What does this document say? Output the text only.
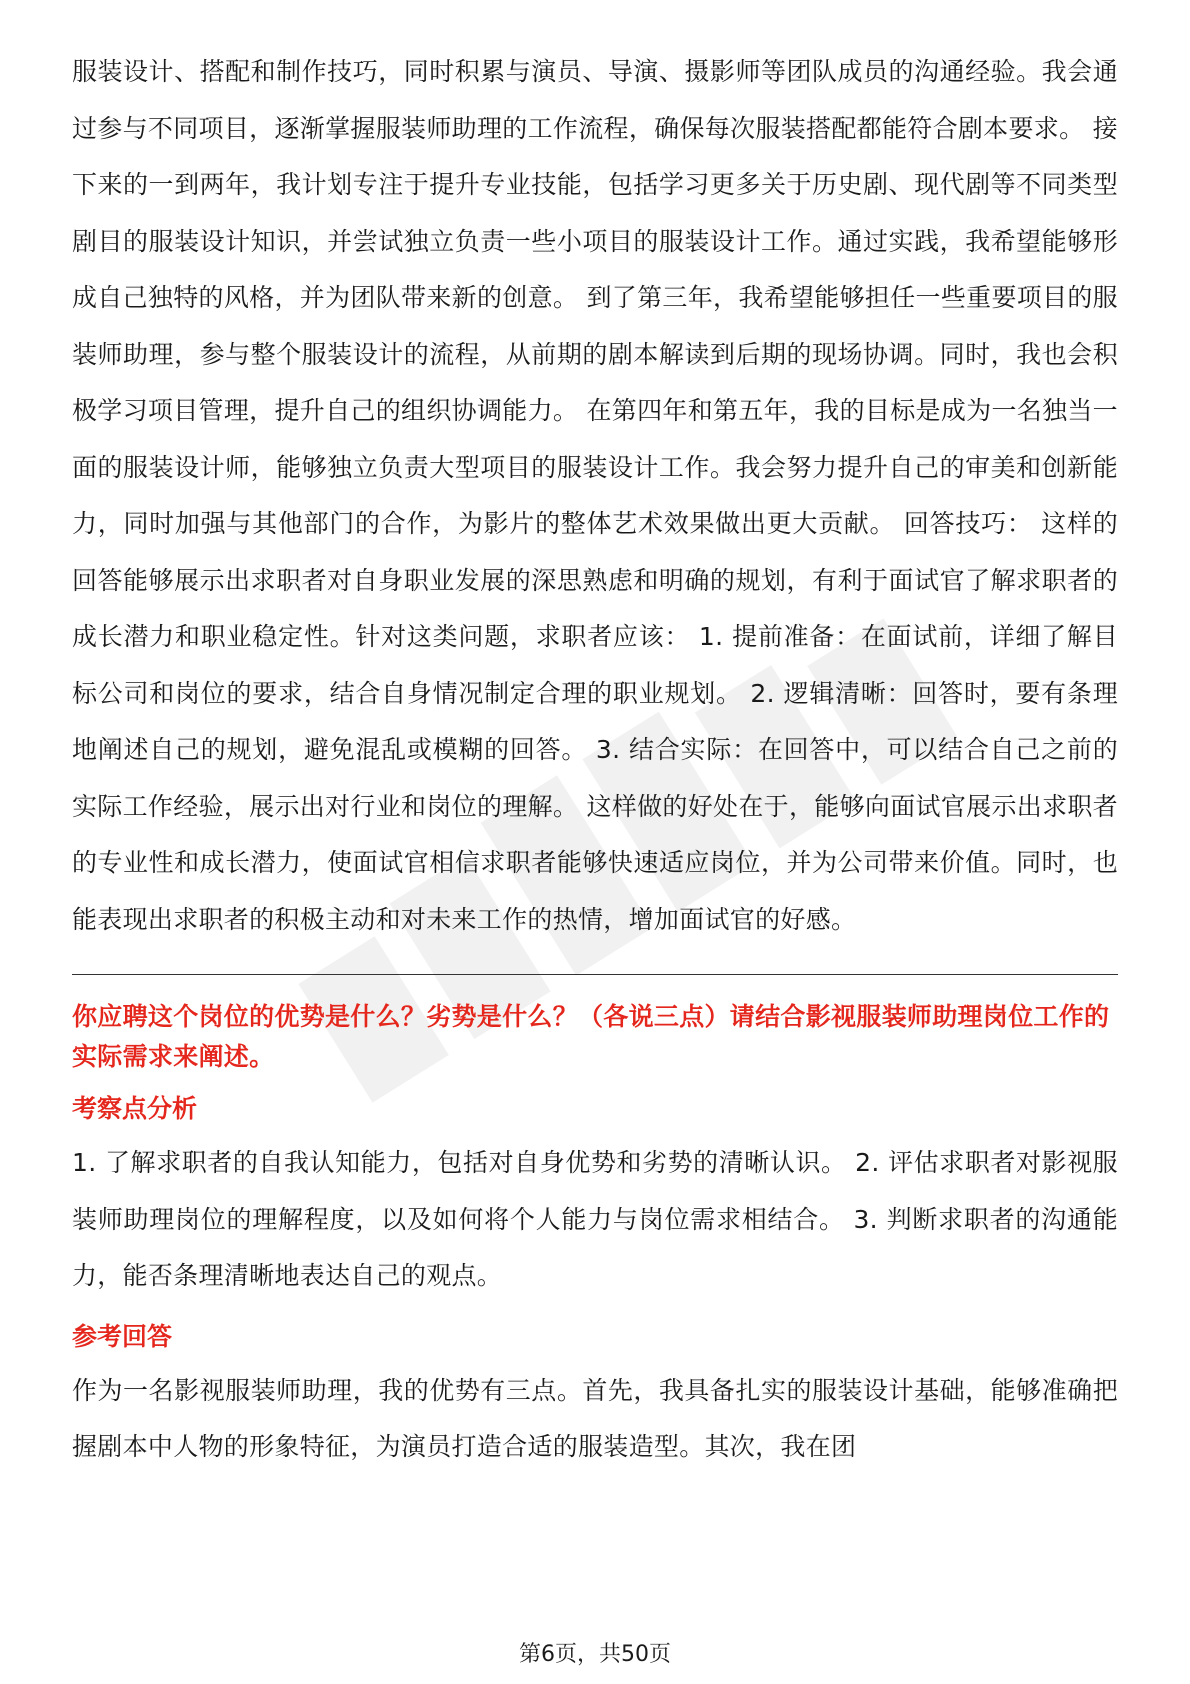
服装设计、搭配和制作技巧，同时积累与演员、导演、摄影师等团队成员的沟通经验。我会通过参与不同项目，逐渐掌握服装师助理的工作流程，确保每次服装搭配都能符合剧本要求。 接下来的一到两年，我计划专注于提升专业技能，包括学习更多关于历史剧、现代剧等不同类型剧目的服装设计知识，并尝试独立负责一些小项目的服装设计工作。通过实践，我希望能够形成自己独特的风格，并为团队带来新的创意。 到了第三年，我希望能够担任一些重要项目的服装师助理，参与整个服装设计的流程，从前期的剧本解读到后期的现场协调。同时，我也会积极学习项目管理，提升自己的组织协调能力。 在第四年和第五年，我的目标是成为一名独当一面的服装设计师，能够独立负责大型项目的服装设计工作。我会努力提升自己的审美和创新能力，同时加强与其他部门的合作，为影片的整体艺术效果做出更大贡献。 回答技巧： 这样的回答能够展示出求职者对自身职业发展的深思熟虑和明确的规划，有利于面试官了解求职者的成长潜力和职业稳定性。针对这类问题，求职者应该： 1. 提前准备：在面试前，详细了解目标公司和岗位的要求，结合自身情况制定合理的职业规划。 2. 逻辑清晰：回答时，要有条理地阐述自己的规划，避免混乱或模糊的回答。 3. 结合实际：在回答中，可以结合自己之前的实际工作经验，展示出对行业和岗位的理解。 这样做的好处在于，能够向面试官展示出求职者的专业性和成长潜力，使面试官相信求职者能够快速适应岗位，并为公司带来价值。同时，也能表现出求职者的积极主动和对未来工作的热情，增加面试官的好感。

你应聘这个岗位的优势是什么？劣势是什么？（各说三点）请结合影视服装师助理岗位工作的实际需求来阐述。

考察点分析

1. 了解求职者的自我认知能力，包括对自身优势和劣势的清晰认识。 2. 评估求职者对影视服装师助理岗位的理解程度，以及如何将个人能力与岗位需求相结合。 3. 判断求职者的沟通能力，能否条理清晰地表达自己的观点。

参考回答

作为一名影视服装师助理，我的优势有三点。首先，我具备扎实的服装设计基础，能够准确把握剧本中人物的形象特征，为演员打造合适的服装造型。其次，我在团

第6页，共50页
